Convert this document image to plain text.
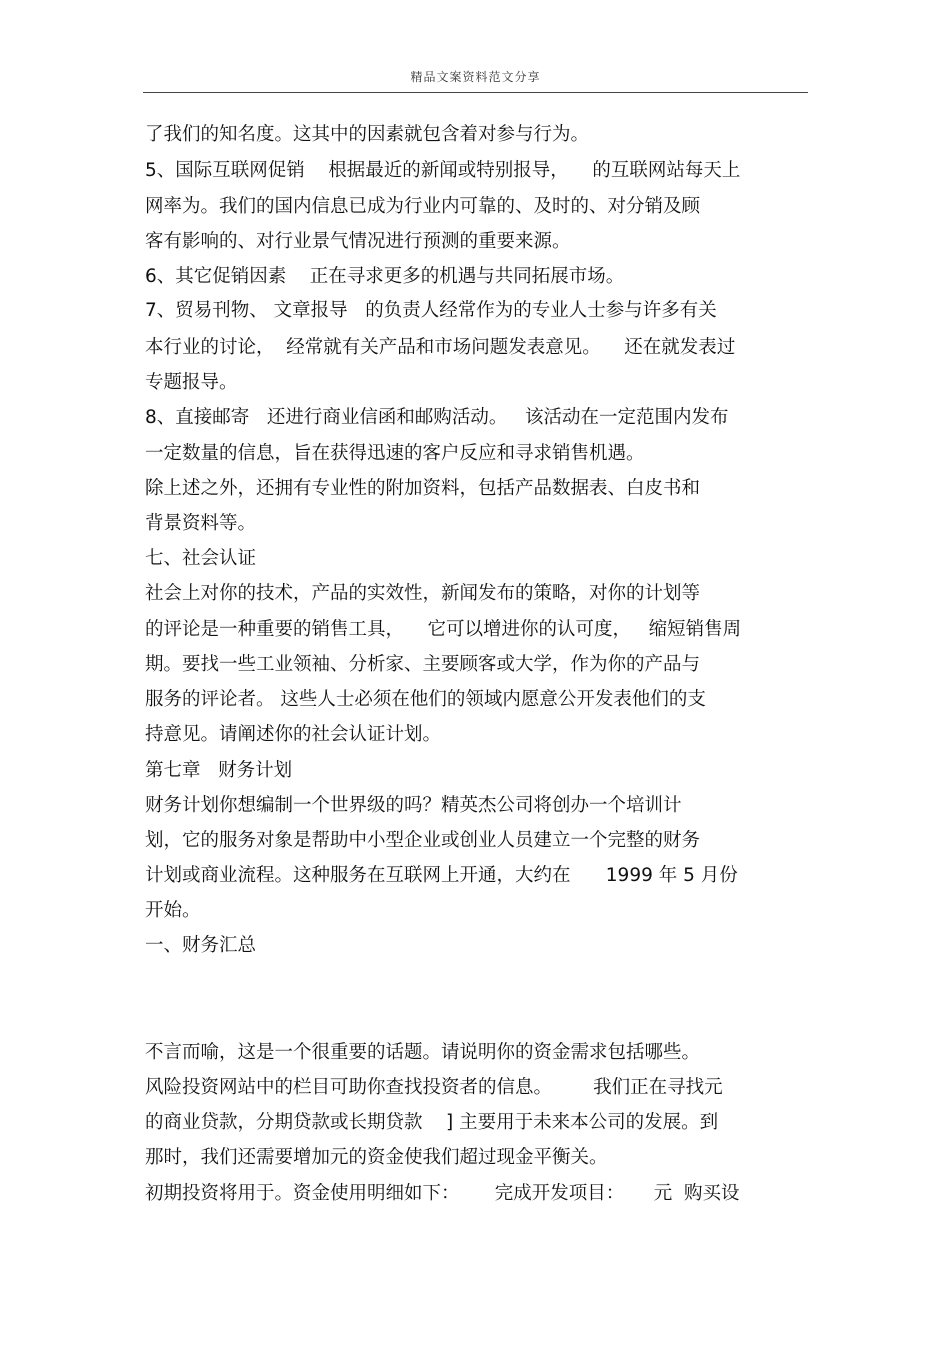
精品文案资料范文分享
了我们的知名度。这其中的因素就包含着对参与行为。
5、国际互联网促销    根据最近的新闻或特别报导，    的互联网站每天上
网率为。我们的国内信息已成为行业内可靠的、及时的、对分销及顾
客有影响的、对行业景气情况进行预测的重要来源。
6、其它促销因素    正在寻求更多的机遇与共同拓展市场。
7、贸易刊物、 文章报导   的负责人经常作为的专业人士参与许多有关
本行业的讨论，  经常就有关产品和市场问题发表意见。    还在就发表过
专题报导。
8、直接邮寄   还进行商业信函和邮购活动。   该活动在一定范围内发布
一定数量的信息，旨在获得迅速的客户反应和寻求销售机遇。
除上述之外，还拥有专业性的附加资料，包括产品数据表、白皮书和
背景资料等。
七、社会认证
社会上对你的技术，产品的实效性，新闻发布的策略，对你的计划等
的评论是一种重要的销售工具，    它可以增进你的认可度，   缩短销售周
期。要找一些工业领袖、分析家、主要顾客或大学，作为你的产品与
服务的评论者。 这些人士必须在他们的领域内愿意公开发表他们的支
持意见。请阐述你的社会认证计划。
第七章   财务计划
财务计划你想编制一个世界级的吗？精英杰公司将创办一个培训计
划，它的服务对象是帮助中小型企业或创业人员建立一个完整的财务
计划或商业流程。这种服务在互联网上开通，大约在      1999 年 5 月份
开始。
一、财务汇总
不言而喻，这是一个很重要的话题。请说明你的资金需求包括哪些。
风险投资网站中的栏目可助你查找投资者的信息。       我们正在寻找元
的商业贷款，分期贷款或长期贷款    ] 主要用于未来本公司的发展。到
那时，我们还需要增加元的资金使我们超过现金平衡关。
初期投资将用于。资金使用明细如下：      完成开发项目：     元  购买设
